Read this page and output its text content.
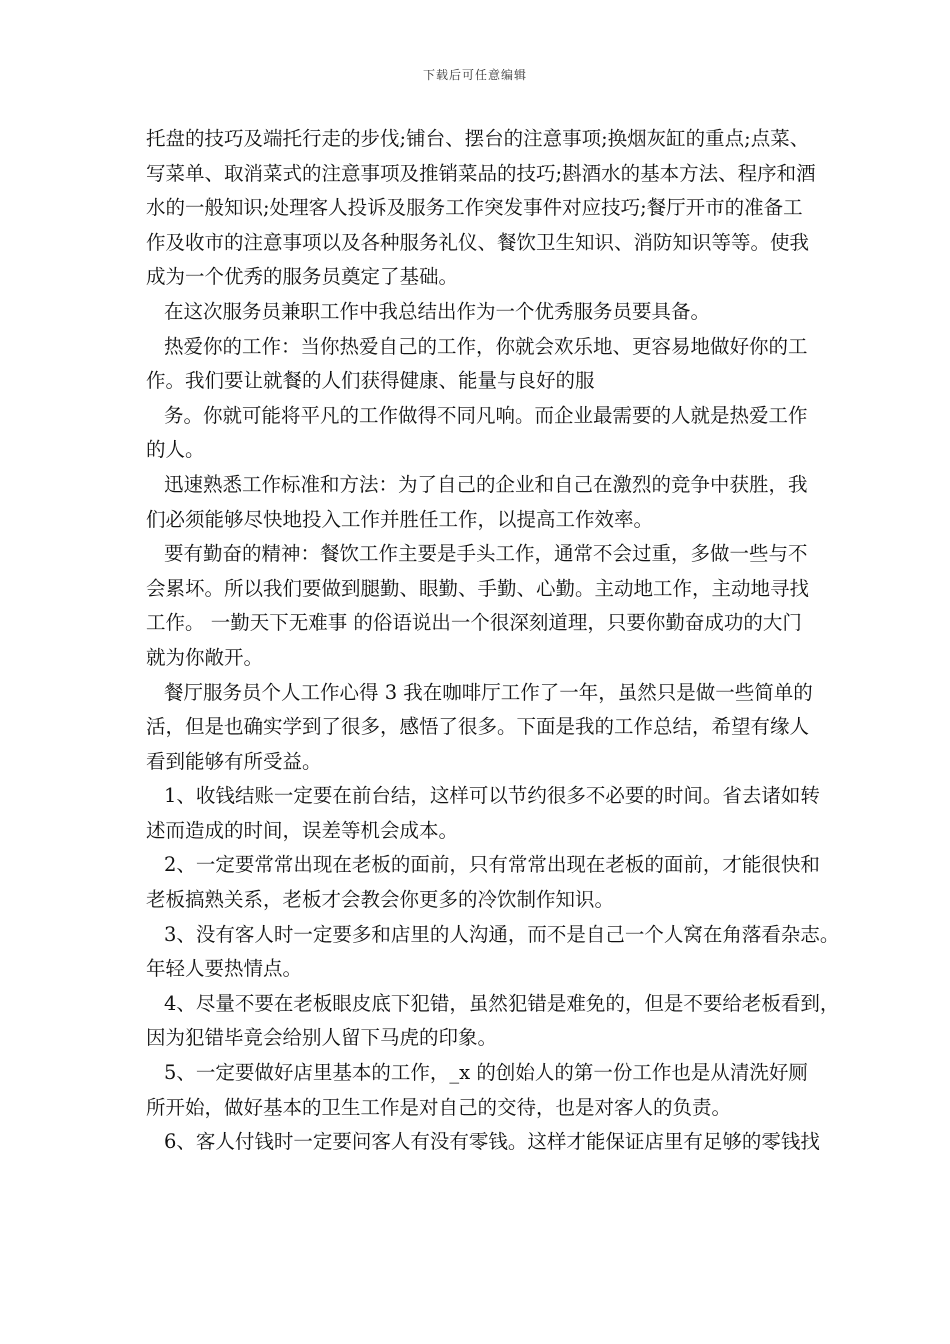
下载后可任意编辑
托盘的技巧及端托行走的步伐;铺台、摆台的注意事项;换烟灰缸的重点;点菜、
写菜单、取消菜式的注意事项及推销菜品的技巧;斟酒水的基本方法、程序和酒
水的一般知识;处理客人投诉及服务工作突发事件对应技巧;餐厅开市的准备工
作及收市的注意事项以及各种服务礼仪、餐饮卫生知识、消防知识等等。使我
成为一个优秀的服务员奠定了基础。
在这次服务员兼职工作中我总结出作为一个优秀服务员要具备。
热爱你的工作：当你热爱自己的工作，你就会欢乐地、更容易地做好你的工
作。我们要让就餐的人们获得健康、能量与良好的服
务。你就可能将平凡的工作做得不同凡响。而企业最需要的人就是热爱工作
的人。
迅速熟悉工作标准和方法：为了自己的企业和自己在激烈的竞争中获胜，我
们必须能够尽快地投入工作并胜任工作，以提高工作效率。
要有勤奋的精神：餐饮工作主要是手头工作，通常不会过重，多做一些与不
会累坏。所以我们要做到腿勤、眼勤、手勤、心勤。主动地工作，主动地寻找
工作。 一勤天下无难事 的俗语说出一个很深刻道理，只要你勤奋成功的大门
就为你敞开。
餐厅服务员个人工作心得 3 我在咖啡厅工作了一年，虽然只是做一些简单的
活，但是也确实学到了很多，感悟了很多。下面是我的工作总结，希望有缘人
看到能够有所受益。
1、收钱结账一定要在前台结，这样可以节约很多不必要的时间。省去诸如转
述而造成的时间，误差等机会成本。
2、一定要常常出现在老板的面前，只有常常出现在老板的面前，才能很快和
老板搞熟关系，老板才会教会你更多的冷饮制作知识。
3、没有客人时一定要多和店里的人沟通，而不是自己一个人窝在角落看杂志。
年轻人要热情点。
4、尽量不要在老板眼皮底下犯错，虽然犯错是难免的，但是不要给老板看到，
因为犯错毕竟会给别人留下马虎的印象。
5、一定要做好店里基本的工作，_x 的创始人的第一份工作也是从清洗好厕
所开始，做好基本的卫生工作是对自己的交待，也是对客人的负责。
6、客人付钱时一定要问客人有没有零钱。这样才能保证店里有足够的零钱找
